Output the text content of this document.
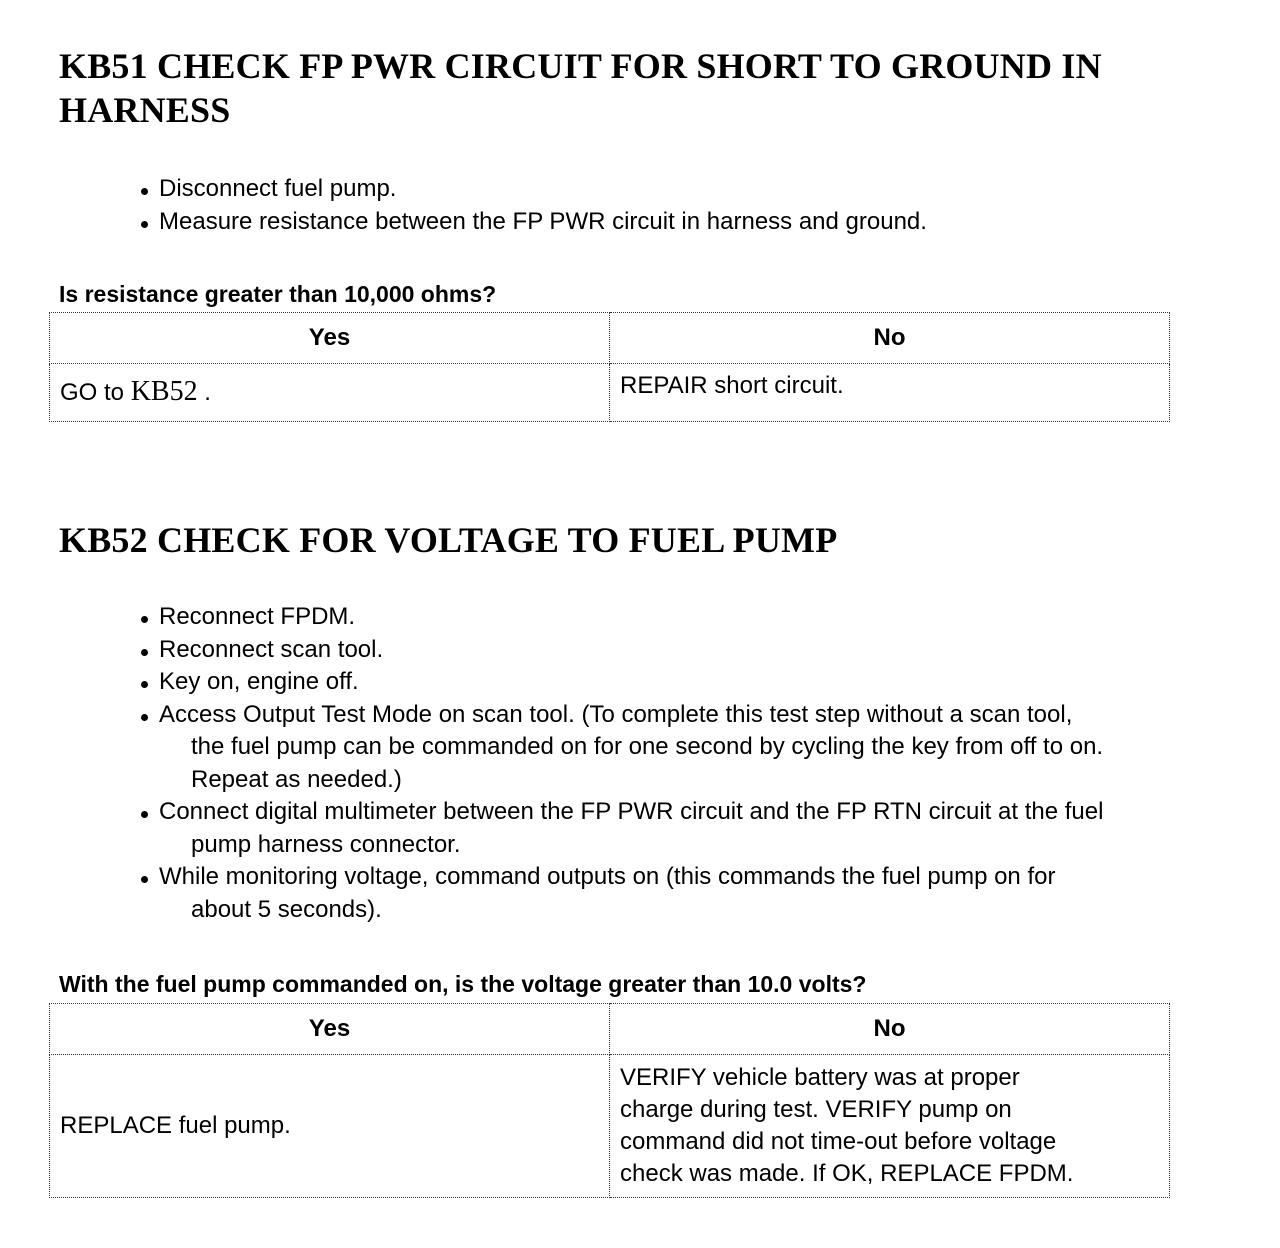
KB51 CHECK FP PWR CIRCUIT FOR SHORT TO GROUND IN
HARNESS
Disconnect fuel pump.
Measure resistance between the FP PWR circuit in harness and ground.

Is resistance greater than 10,000 ohms?

Yes	No
GO to KB52 .	REPAIR short circuit.
KB52 CHECK FOR VOLTAGE TO FUEL PUMP
Reconnect FPDM.
Reconnect scan tool.
Key on, engine off.
Access Output Test Mode on scan tool. (To complete this test step without a scan tool,
the fuel pump can be commanded on for one second by cycling the key from off to on.
Repeat as needed.)
Connect digital multimeter between the FP PWR circuit and the FP RTN circuit at the fuel
pump harness connector.
While monitoring voltage, command outputs on (this commands the fuel pump on for
about 5 seconds).

With the fuel pump commanded on, is the voltage greater than 10.0 volts?

Yes	No
REPLACE fuel pump.	VERIFY vehicle battery was at proper
charge during test. VERIFY pump on
command did not time-out before voltage
check was made. If OK, REPLACE FPDM.
